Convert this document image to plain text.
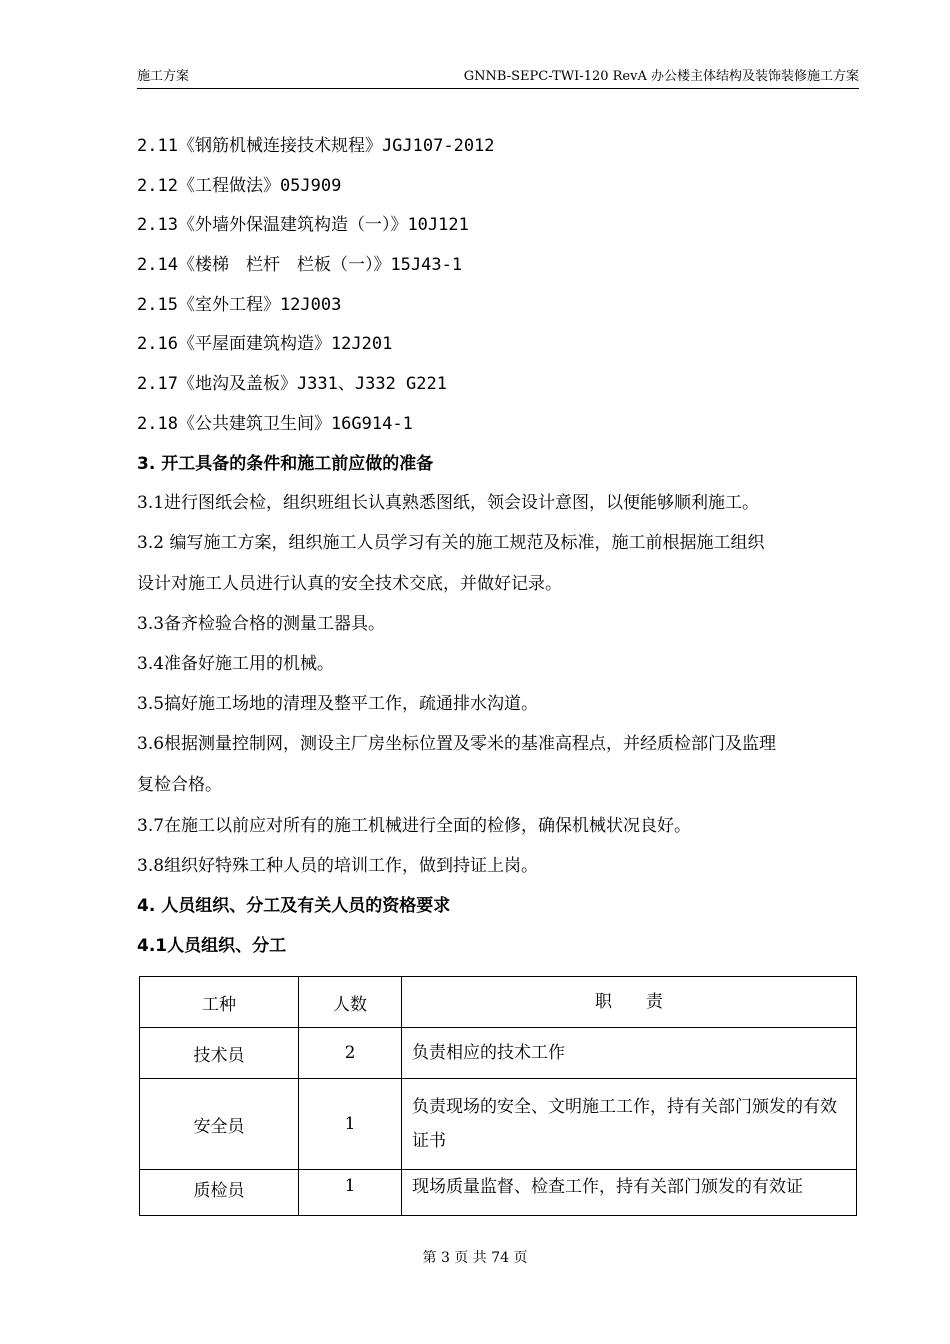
施工方案	GNNB-SEPC-TWI-120 RevA 办公楼主体结构及装饰装修施工方案
2.11《钢筋机械连接技术规程》JGJ107-2012
2.12《工程做法》05J909
2.13《外墙外保温建筑构造（一）》10J121
2.14《楼梯　栏杆　栏板（一）》15J43-1
2.15《室外工程》12J003
2.16《平屋面建筑构造》12J201
2.17《地沟及盖板》J331、J332 G221
2.18《公共建筑卫生间》16G914-1
3. 开工具备的条件和施工前应做的准备
3.1进行图纸会检，组织班组长认真熟悉图纸，领会设计意图，以便能够顺利施工。
3.2 编写施工方案，组织施工人员学习有关的施工规范及标准，施工前根据施工组织
设计对施工人员进行认真的安全技术交底，并做好记录。
3.3备齐检验合格的测量工器具。
3.4准备好施工用的机械。
3.5搞好施工场地的清理及整平工作，疏通排水沟道。
3.6根据测量控制网，测设主厂房坐标位置及零米的基准高程点，并经质检部门及监理
复检合格。
3.7在施工以前应对所有的施工机械进行全面的检修，确保机械状况良好。
3.8组织好特殊工种人员的培训工作，做到持证上岗。
4. 人员组织、分工及有关人员的资格要求
4.1人员组织、分工
工种	人数	职　　责
技术员	2	负责相应的技术工作
安全员	1	负责现场的安全、文明施工工作，持有关部门颁发的有效证书
质检员	1	现场质量监督、检查工作，持有关部门颁发的有效证
第 3 页 共 74 页
